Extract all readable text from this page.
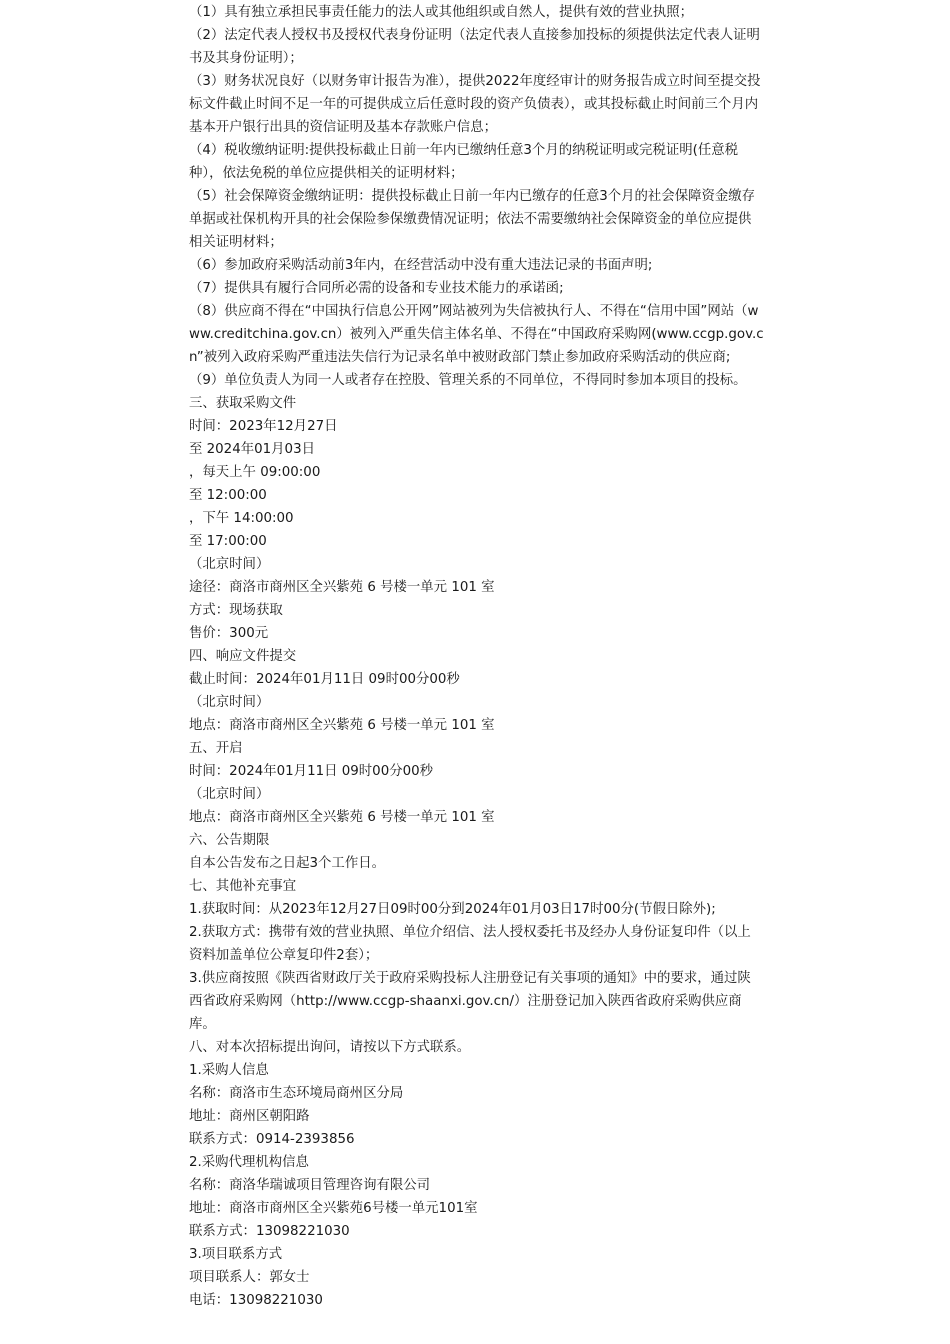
（1）具有独立承担民事责任能力的法人或其他组织或自然人，提供有效的营业执照；

（2）法定代表人授权书及授权代表身份证明（法定代表人直接参加投标的须提供法定代表人证明书及其身份证明）；

（3）财务状况良好（以财务审计报告为准），提供2022年度经审计的财务报告成立时间至提交投标文件截止时间不足一年的可提供成立后任意时段的资产负债表），或其投标截止时间前三个月内基本开户银行出具的资信证明及基本存款账户信息；

（4）税收缴纳证明:提供投标截止日前一年内已缴纳任意3个月的纳税证明或完税证明(任意税种），依法免税的单位应提供相关的证明材料；

（5）社会保障资金缴纳证明：提供投标截止日前一年内已缴存的任意3个月的社会保障资金缴存单据或社保机构开具的社会保险参保缴费情况证明；依法不需要缴纳社会保障资金的单位应提供相关证明材料；

（6）参加政府采购活动前3年内，在经营活动中没有重大违法记录的书面声明;

（7）提供具有履行合同所必需的设备和专业技术能力的承诺函;

（8）供应商不得在“中国执行信息公开网”网站被列为失信被执行人、不得在“信用中国”网站（www.creditchina.gov.cn）被列入严重失信主体名单、不得在“中国政府采购网(www.ccgp.gov.cn”被列入政府采购严重违法失信行为记录名单中被财政部门禁止参加政府采购活动的供应商;

（9）单位负责人为同一人或者存在控股、管理关系的不同单位，不得同时参加本项目的投标。

三、获取采购文件

时间：2023年12月27日

至 2024年01月03日

，每天上午 09:00:00

至 12:00:00

，下午 14:00:00

至 17:00:00

（北京时间）

途径：商洛市商州区全兴紫苑 6 号楼一单元 101 室

方式：现场获取

售价：300元

四、响应文件提交

截止时间：2024年01月11日 09时00分00秒

（北京时间）

地点：商洛市商州区全兴紫苑 6 号楼一单元 101 室

五、开启

时间：2024年01月11日 09时00分00秒

（北京时间）

地点：商洛市商州区全兴紫苑 6 号楼一单元 101 室

六、公告期限

自本公告发布之日起3个工作日。

七、其他补充事宜

1.获取时间：从2023年12月27日09时00分到2024年01月03日17时00分(节假日除外);

2.获取方式：携带有效的营业执照、单位介绍信、法人授权委托书及经办人身份证复印件（以上资料加盖单位公章复印件2套）；

3.供应商按照《陕西省财政厅关于政府采购投标人注册登记有关事项的通知》中的要求，通过陕西省政府采购网（http://www.ccgp-shaanxi.gov.cn/）注册登记加入陕西省政府采购供应商库。

八、对本次招标提出询问，请按以下方式联系。

1.采购人信息

名称：商洛市生态环境局商州区分局

地址：商州区朝阳路

联系方式：0914-2393856

2.采购代理机构信息

名称：商洛华瑞诚项目管理咨询有限公司

地址：商洛市商州区全兴紫苑6号楼一单元101室

联系方式：13098221030

3.项目联系方式

项目联系人：郭女士

电话：13098221030
